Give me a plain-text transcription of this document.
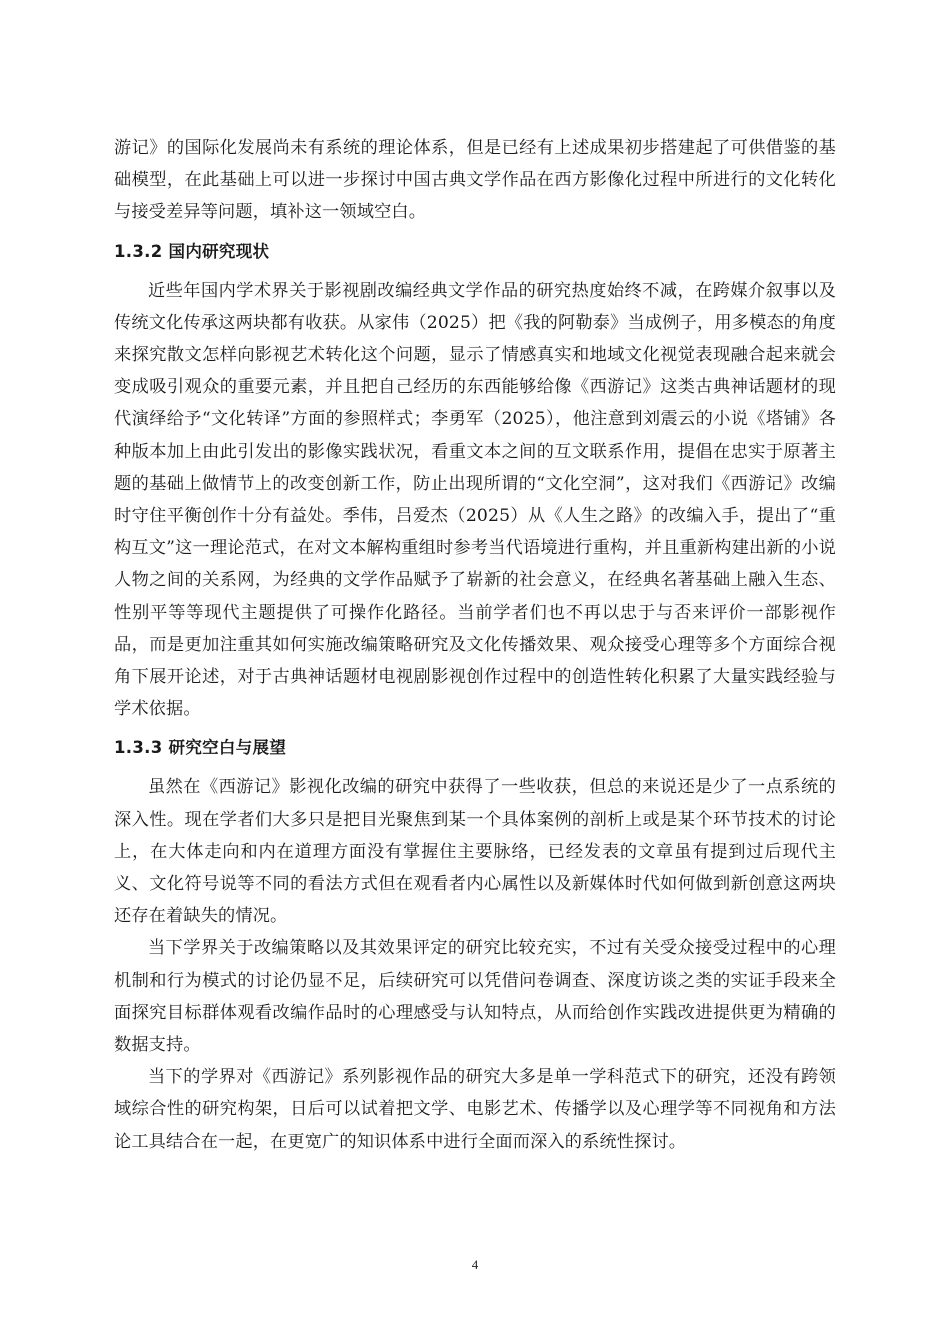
游记》的国际化发展尚未有系统的理论体系，但是已经有上述成果初步搭建起了可供借鉴的基础模型，在此基础上可以进一步探讨中国古典文学作品在西方影像化过程中所进行的文化转化与接受差异等问题，填补这一领域空白。

1.3.2 国内研究现状

近些年国内学术界关于影视剧改编经典文学作品的研究热度始终不减，在跨媒介叙事以及传统文化传承这两块都有收获。从家伟（2025）把《我的阿勒泰》当成例子，用多模态的角度来探究散文怎样向影视艺术转化这个问题，显示了情感真实和地域文化视觉表现融合起来就会变成吸引观众的重要元素，并且把自己经历的东西能够给像《西游记》这类古典神话题材的现代演绎给予“文化转译”方面的参照样式；李勇军（2025），他注意到刘震云的小说《塔铺》各种版本加上由此引发出的影像实践状况，看重文本之间的互文联系作用，提倡在忠实于原著主题的基础上做情节上的改变创新工作，防止出现所谓的“文化空洞”，这对我们《西游记》改编时守住平衡创作十分有益处。季伟，吕爱杰（2025）从《人生之路》的改编入手，提出了“重构互文”这一理论范式，在对文本解构重组时参考当代语境进行重构，并且重新构建出新的小说人物之间的关系网，为经典的文学作品赋予了崭新的社会意义，在经典名著基础上融入生态、性别平等等现代主题提供了可操作化路径。当前学者们也不再以忠于与否来评价一部影视作品，而是更加注重其如何实施改编策略研究及文化传播效果、观众接受心理等多个方面综合视角下展开论述，对于古典神话题材电视剧影视创作过程中的创造性转化积累了大量实践经验与学术依据。

1.3.3 研究空白与展望

虽然在《西游记》影视化改编的研究中获得了一些收获，但总的来说还是少了一点系统的深入性。现在学者们大多只是把目光聚焦到某一个具体案例的剖析上或是某个环节技术的讨论上，在大体走向和内在道理方面没有掌握住主要脉络，已经发表的文章虽有提到过后现代主义、文化符号说等不同的看法方式但在观看者内心属性以及新媒体时代如何做到新创意这两块还存在着缺失的情况。

当下学界关于改编策略以及其效果评定的研究比较充实，不过有关受众接受过程中的心理机制和行为模式的讨论仍显不足，后续研究可以凭借问卷调查、深度访谈之类的实证手段来全面探究目标群体观看改编作品时的心理感受与认知特点，从而给创作实践改进提供更为精确的数据支持。

当下的学界对《西游记》系列影视作品的研究大多是单一学科范式下的研究，还没有跨领域综合性的研究构架，日后可以试着把文学、电影艺术、传播学以及心理学等不同视角和方法论工具结合在一起，在更宽广的知识体系中进行全面而深入的系统性探讨。

4
